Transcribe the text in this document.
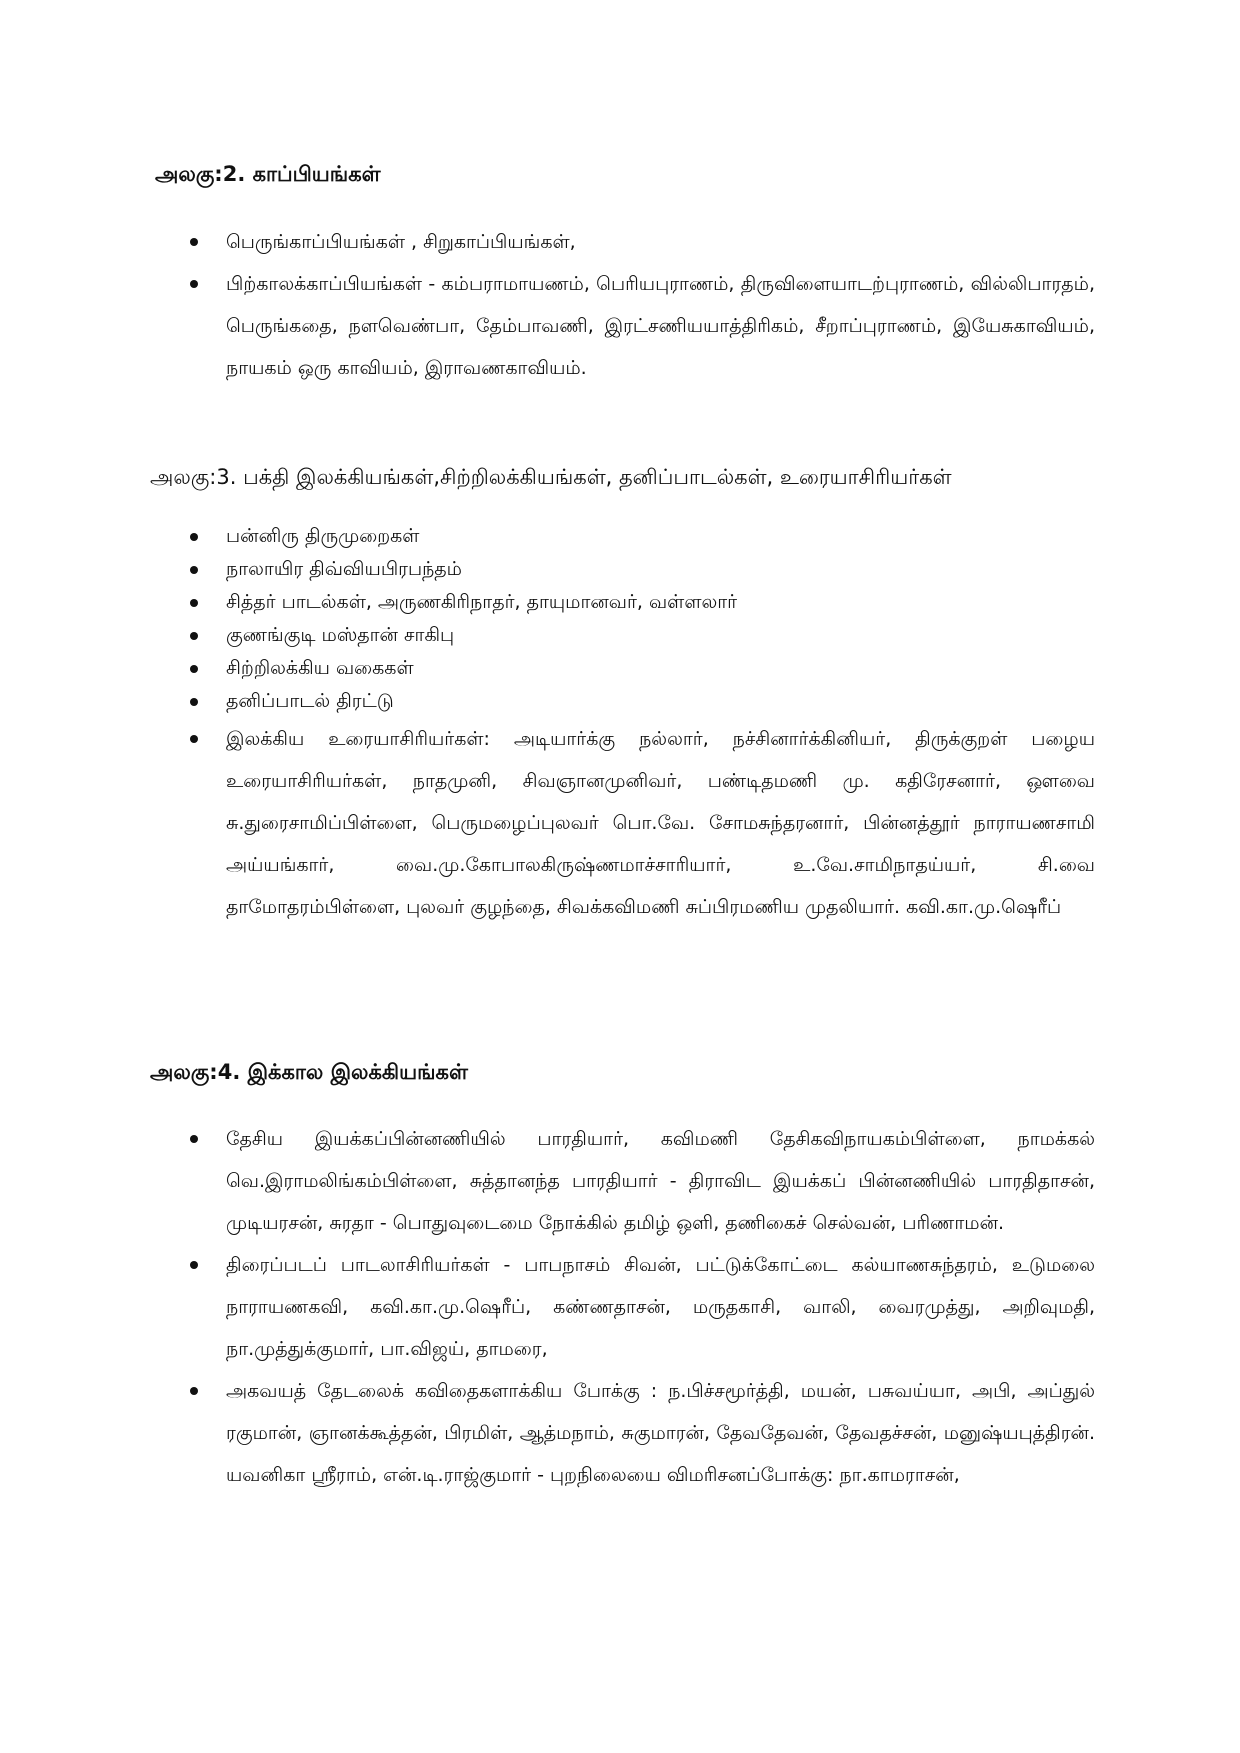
அலகு:2. காப்பியங்கள்
பெருங்காப்பியங்கள் , சிறுகாப்பியங்கள்,
பிற்காலக்காப்பியங்கள் - கம்பராமாயணம், பெரியபுராணம், திருவிளையாடற்புராணம், வில்லிபாரதம், பெருங்கதை, நளவெண்பா, தேம்பாவணி, இரட்சணியயாத்திரிகம், சீறாப்புராணம், இயேசுகாவியம், நாயகம் ஒரு காவியம், இராவணகாவியம்.
அலகு:3. பக்தி இலக்கியங்கள்,சிற்றிலக்கியங்கள், தனிப்பாடல்கள், உரையாசிரியர்கள்
பன்னிரு திருமுறைகள்
நாலாயிர திவ்வியபிரபந்தம்
சித்தர் பாடல்கள், அருணகிரிநாதர், தாயுமானவர், வள்ளலார்
குணங்குடி மஸ்தான் சாகிபு
சிற்றிலக்கிய வகைகள்
தனிப்பாடல் திரட்டு
இலக்கிய உரையாசிரியர்கள்: அடியார்க்கு நல்லார், நச்சினார்க்கினியர், திருக்குறள் பழைய உரையாசிரியர்கள், நாதமுனி, சிவஞானமுனிவர், பண்டிதமணி மு. கதிரேசனார், ஔவை சு.துரைசாமிப்பிள்ளை, பெருமழைப்புலவர் பொ.வே. சோமசுந்தரனார், பின்னத்தூர் நாராயணசாமி அய்யங்கார், வை.மு.கோபாலகிருஷ்ணமாச்சாரியார், உ.வே.சாமிநாதய்யர், சி.வை தாமோதரம்பிள்ளை, புலவர் குழந்தை, சிவக்கவிமணி சுப்பிரமணிய முதலியார். கவி.கா.மு.ஷெரீப்
அலகு:4. இக்கால இலக்கியங்கள்
தேசிய இயக்கப்பின்னணியில் பாரதியார், கவிமணி தேசிகவிநாயகம்பிள்ளை, நாமக்கல் வெ.இராமலிங்கம்பிள்ளை, சுத்தானந்த பாரதியார் - திராவிட இயக்கப் பின்னணியில் பாரதிதாசன், முடியரசன், சுரதா - பொதுவுடைமை நோக்கில் தமிழ் ஒளி, தணிகைச் செல்வன், பரிணாமன்.
திரைப்படப் பாடலாசிரியர்கள் - பாபநாசம் சிவன், பட்டுக்கோட்டை கல்யாணசுந்தரம், உடுமலை நாராயணகவி, கவி.கா.மு.ஷெரீப், கண்ணதாசன், மருதகாசி, வாலி, வைரமுத்து, அறிவுமதி, நா.முத்துக்குமார், பா.விஜய், தாமரை,
அகவயத் தேடலைக் கவிதைகளாக்கிய போக்கு : ந.பிச்சமூர்த்தி, மயன், பசுவய்யா, அபி, அப்துல் ரகுமான், ஞானக்கூத்தன், பிரமிள், ஆத்மநாம், சுகுமாரன், தேவதேவன், தேவதச்சன், மனுஷ்யபுத்திரன். யவனிகா ஸ்ரீராம், என்.டி.ராஜ்குமார் - புறநிலையை விமரிசனப்போக்கு: நா.காமராசன்,
